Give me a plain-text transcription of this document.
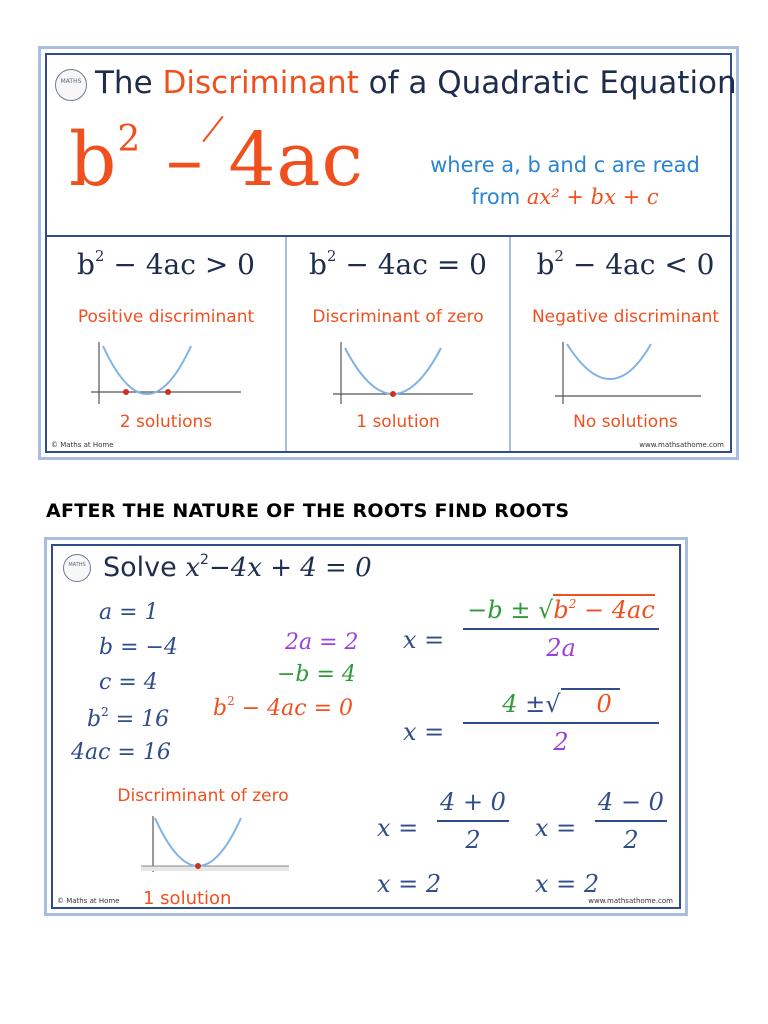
MATHS The Discriminant of a Quadratic Equation
$b^2 - 4ac$	where a, b and c are read
from ax² + bx + c
$b^2 - 4ac > 0$
Positive discriminant
2 solutions
$b^2 - 4ac = 0$
Discriminant of zero
1 solution
$b^2 - 4ac < 0$
Negative discriminant
No solutions
© Maths at Home	www.mathsathome.com
AFTER THE NATURE OF THE ROOTS FIND ROOTS
MATHS Solve $x^2-4x + 4 = 0$
a = 1
b = −4
c = 4
$b^2 = 16$
4ac = 16
2a = 2
−b = 4
$b^2 - 4ac = 0$
x =
$-b \pm √b^2 - 4ac$
2a
x =
4 ±√ 0
2
x =
4 + 0
2	x =
4 − 0
2
x = 2	x = 2
Discriminant of zero
1 solution
© Maths at Home	www.mathsathome.com
